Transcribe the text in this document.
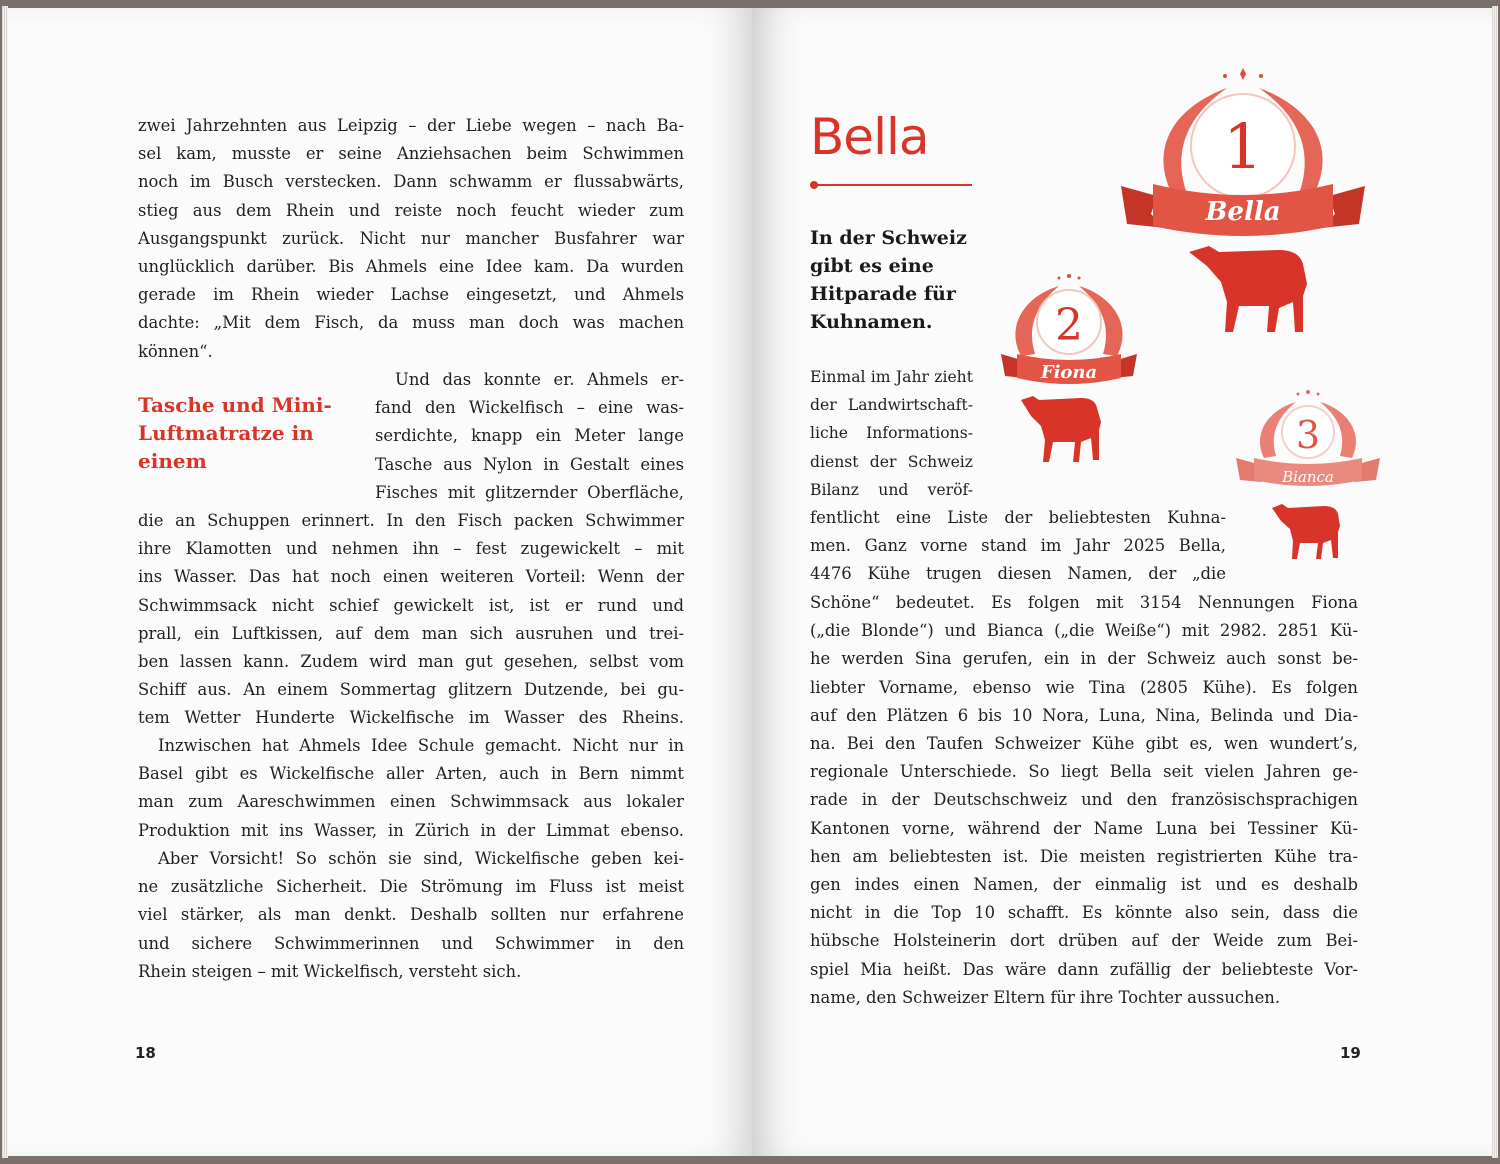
zwei Jahrzehnten aus Leipzig – der Liebe wegen – nach Ba-
sel kam, musste er seine Anziehsachen beim Schwimmen
noch im Busch verstecken. Dann schwamm er flussabwärts,
stieg aus dem Rhein und reiste noch feucht wieder zum
Ausgangspunkt zurück. Nicht nur mancher Busfahrer war
unglücklich darüber. Bis Ahmels eine Idee kam. Da wurden
gerade im Rhein wieder Lachse eingesetzt, und Ahmels
dachte: „Mit dem Fisch, da muss man doch was machen
können“.
Tasche und Mini-Luftmatratze in einem
Und das konnte er. Ahmels er-
fand den Wickelfisch – eine was-
serdichte, knapp ein Meter lange
Tasche aus Nylon in Gestalt eines
Fisches mit glitzernder Oberfläche,
die an Schuppen erinnert. In den Fisch packen Schwimmer
ihre Klamotten und nehmen ihn – fest zugewickelt – mit
ins Wasser. Das hat noch einen weiteren Vorteil: Wenn der
Schwimmsack nicht schief gewickelt ist, ist er rund und
prall, ein Luftkissen, auf dem man sich ausruhen und trei-
ben lassen kann. Zudem wird man gut gesehen, selbst vom
Schiff aus. An einem Sommertag glitzern Dutzende, bei gu-
tem Wetter Hunderte Wickelfische im Wasser des Rheins.
Inzwischen hat Ahmels Idee Schule gemacht. Nicht nur in
Basel gibt es Wickelfische aller Arten, auch in Bern nimmt
man zum Aareschwimmen einen Schwimmsack aus lokaler
Produktion mit ins Wasser, in Zürich in der Limmat ebenso.
Aber Vorsicht! So schön sie sind, Wickelfische geben kei-
ne zusätzliche Sicherheit. Die Strömung im Fluss ist meist
viel stärker, als man denkt. Deshalb sollten nur erfahrene
und sichere Schwimmerinnen und Schwimmer in den
Rhein steigen – mit Wickelfisch, versteht sich.
18
Bella
In der Schweiz gibt es eine Hitparade für Kuhnamen.
Einmal im Jahr zieht
der Landwirtschaft-
liche Informations-
dienst der Schweiz
Bilanz und veröf-
fentlicht eine Liste der beliebtesten Kuhna-
men. Ganz vorne stand im Jahr 2025 Bella,
4476 Kühe trugen diesen Namen, der „die
Schöne“ bedeutet. Es folgen mit 3154 Nennungen Fiona
(„die Blonde“) und Bianca („die Weiße“) mit 2982. 2851 Kü-
he werden Sina gerufen, ein in der Schweiz auch sonst be-
liebter Vorname, ebenso wie Tina (2805 Kühe). Es folgen
auf den Plätzen 6 bis 10 Nora, Luna, Nina, Belinda und Dia-
na. Bei den Taufen Schweizer Kühe gibt es, wen wundert’s,
regionale Unterschiede. So liegt Bella seit vielen Jahren ge-
rade in der Deutschschweiz und den französischsprachigen
Kantonen vorne, während der Name Luna bei Tessiner Kü-
hen am beliebtesten ist. Die meisten registrierten Kühe tra-
gen indes einen Namen, der einmalig ist und es deshalb
nicht in die Top 10 schafft. Es könnte also sein, dass die
hübsche Holsteinerin dort drüben auf der Weide zum Bei-
spiel Mia heißt. Das wäre dann zufällig der beliebteste Vor-
name, den Schweizer Eltern für ihre Tochter aussuchen.
1
Bella
2
Fiona
3
Bianca
19
